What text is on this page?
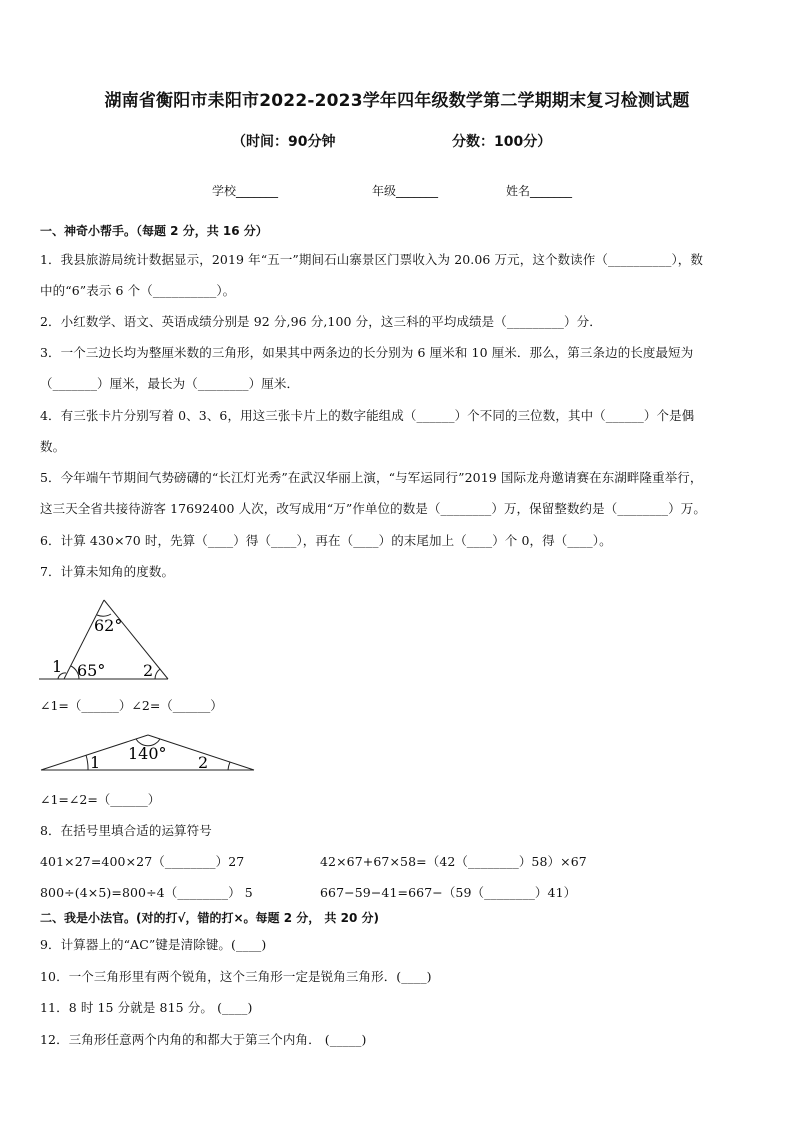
湖南省衡阳市耒阳市2022-2023学年四年级数学第二学期期末复习检测试题
（时间：90分钟	分数：100分）
学校_______	年级_______	姓名_______
一、神奇小帮手。（每题 2 分，共 16 分）
1．我县旅游局统计数据显示，2019 年“五一”期间石山寨景区门票收入为 20.06 万元，这个数读作（__________），数
中的“6”表示 6 个（__________）。
2．小红数学、语文、英语成绩分别是 92 分,96 分,100 分，这三科的平均成绩是（_________）分．
3．一个三边长均为整厘米数的三角形，如果其中两条边的长分别为 6 厘米和 10 厘米．那么，第三条边的长度最短为
（_______）厘米，最长为（________）厘米．
4．有三张卡片分别写着 0、3、6，用这三张卡片上的数字能组成（______）个不同的三位数，其中（______）个是偶
数。
5．今年端午节期间气势磅礴的“长江灯光秀”在武汉华丽上演，“与军运同行”2019 国际龙舟邀请赛在东湖畔隆重举行，
这三天全省共接待游客 17692400 人次，改写成用“万”作单位的数是（________）万，保留整数约是（________）万。
6．计算 430×70 时，先算（____）得（____），再在（____）的末尾加上（____）个 0，得（____）。
7．计算未知角的度数。
62°
65°
1	2
∠1=（______）∠2=（______）
140°
1	2
∠1=∠2=（______）
8．在括号里填合适的运算符号
401×27=400×27（________）27	42×67+67×58=（42（________）58）×67
800÷(4×5)=800÷4（________） 5	667−59−41=667−（59（________）41）
二、我是小法官。(对的打√，错的打×。每题 2 分， 共 20 分)
9．计算器上的“AC”键是清除键。(____)
10．一个三角形里有两个锐角，这个三角形一定是锐角三角形．(____)
11．8 时 15 分就是 815 分。 (____)
12．三角形任意两个内角的和都大于第三个内角． (_____)
